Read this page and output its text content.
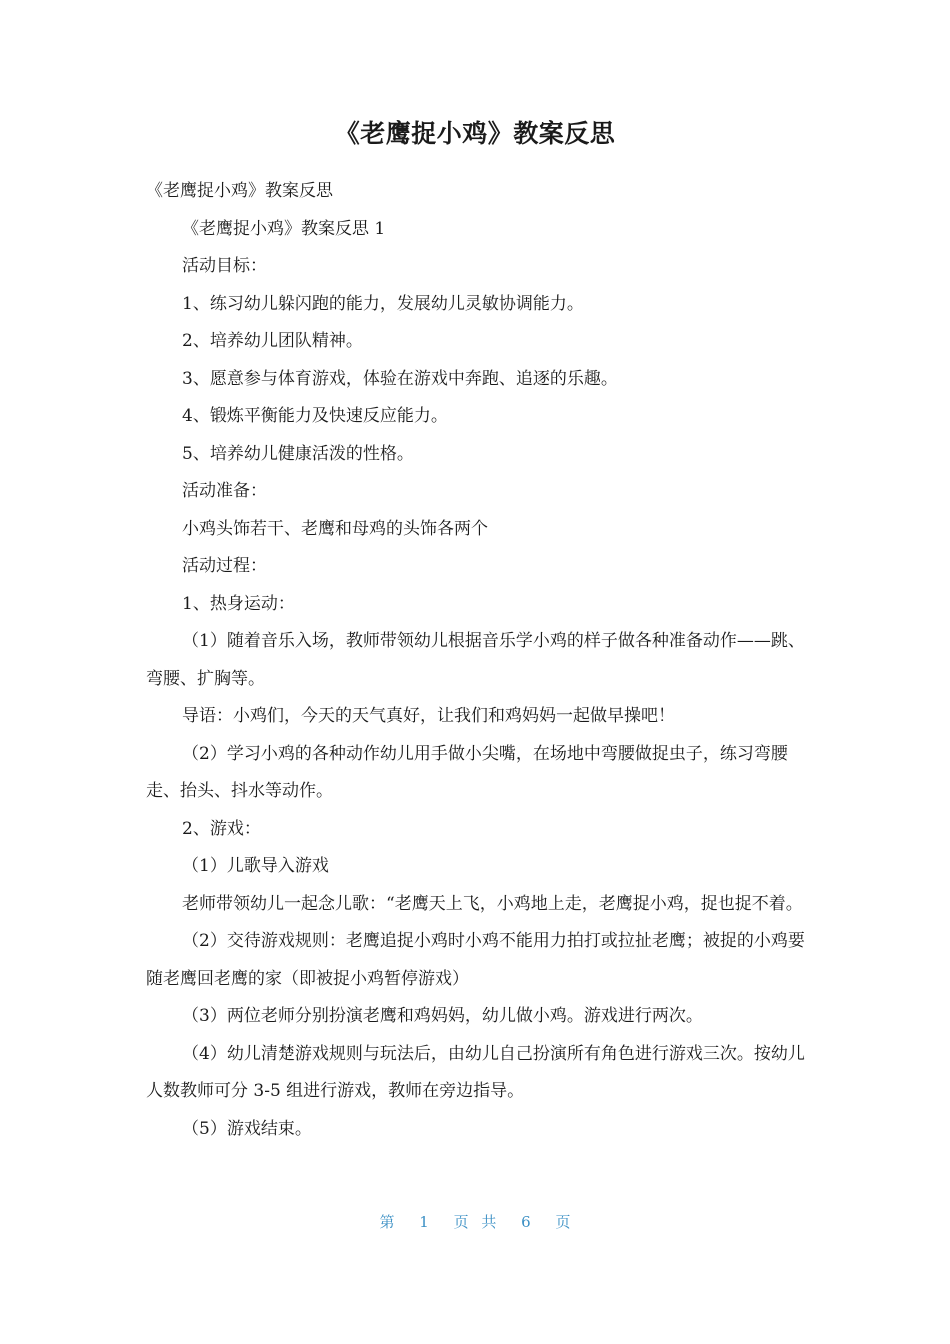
《老鹰捉小鸡》教案反思

《老鹰捉小鸡》教案反思

《老鹰捉小鸡》教案反思 1

活动目标：

1、练习幼儿躲闪跑的能力，发展幼儿灵敏协调能力。

2、培养幼儿团队精神。

3、愿意参与体育游戏，体验在游戏中奔跑、追逐的乐趣。

4、锻炼平衡能力及快速反应能力。

5、培养幼儿健康活泼的性格。

活动准备：

小鸡头饰若干、老鹰和母鸡的头饰各两个

活动过程：

1、热身运动：

（1）随着音乐入场，教师带领幼儿根据音乐学小鸡的样子做各种准备动作——跳、弯腰、扩胸等。

导语：小鸡们，今天的天气真好，让我们和鸡妈妈一起做早操吧！

（2）学习小鸡的各种动作幼儿用手做小尖嘴，在场地中弯腰做捉虫子，练习弯腰走、抬头、抖水等动作。

2、游戏：

（1）儿歌导入游戏

老师带领幼儿一起念儿歌：“老鹰天上飞，小鸡地上走，老鹰捉小鸡，捉也捉不着。

（2）交待游戏规则：老鹰追捉小鸡时小鸡不能用力拍打或拉扯老鹰；被捉的小鸡要随老鹰回老鹰的家（即被捉小鸡暂停游戏）

（3）两位老师分别扮演老鹰和鸡妈妈，幼儿做小鸡。游戏进行两次。

（4）幼儿清楚游戏规则与玩法后，由幼儿自己扮演所有角色进行游戏三次。按幼儿人数教师可分 3-5 组进行游戏，教师在旁边指导。

（5）游戏结束。

第 1 页 共 6 页
